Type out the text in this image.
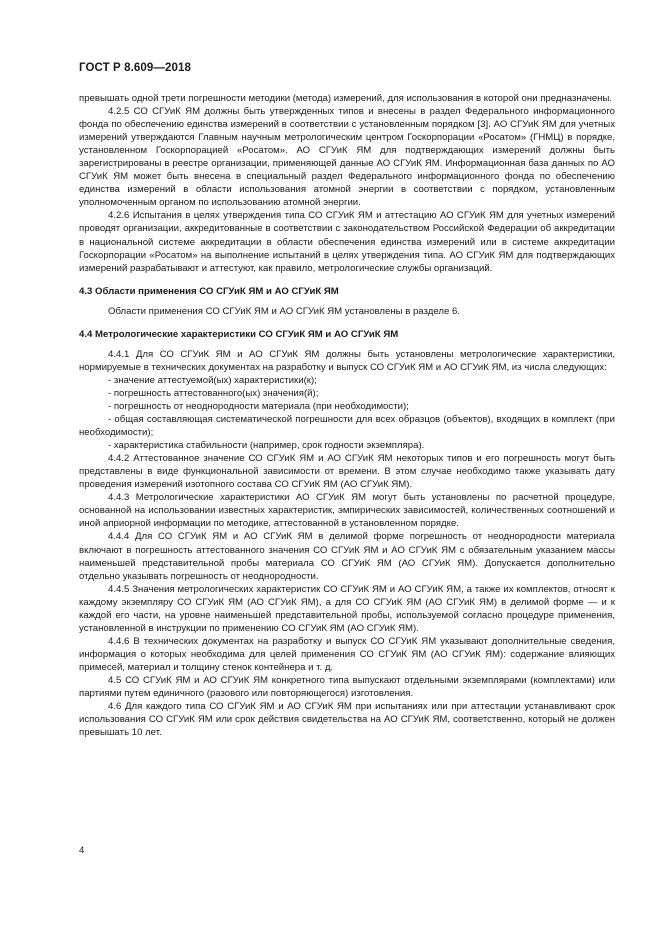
ГОСТ Р 8.609—2018

превышать одной трети погрешности методики (метода) измерений, для использования в которой они предназначены.

4.2.5 СО СГУиК ЯМ должны быть утвержденных типов и внесены в раздел Федерального информационного фонда по обеспечению единства измерений в соответствии с установленным порядком [3]. АО СГУиК ЯМ для учетных измерений утверждаются Главным научным метрологическим центром Госкорпорации «Росатом» (ГНМЦ) в порядке, установленном Госкорпорацией «Росатом». АО СГУиК ЯМ для подтверждающих измерений должны быть зарегистрированы в реестре организации, применяющей данные АО СГУиК ЯМ. Информационная база данных по АО СГУиК ЯМ может быть внесена в специальный раздел Федерального информационного фонда по обеспечению единства измерений в области использования атомной энергии в соответствии с порядком, установленным уполномоченным органом по использованию атомной энергии.

4.2.6 Испытания в целях утверждения типа СО СГУиК ЯМ и аттестацию АО СГУиК ЯМ для учетных измерений проводят организации, аккредитованные в соответствии с законодательством Российской Федерации об аккредитации в национальной системе аккредитации в области обеспечения единства измерений или в системе аккредитации Госкорпорации «Росатом» на выполнение испытаний в целях утверждения типа. АО СГУиК ЯМ для подтверждающих измерений разрабатывают и аттестуют, как правило, метрологические службы организаций.

4.3 Области применения СО СГУиК ЯМ и АО СГУиК ЯМ

Области применения СО СГУиК ЯМ и АО СГУиК ЯМ установлены в разделе 6.

4.4 Метрологические характеристики СО СГУиК ЯМ и АО СГУиК ЯМ

4.4.1 Для СО СГУиК ЯМ и АО СГУиК ЯМ должны быть установлены метрологические характеристики, нормируемые в технических документах на разработку и выпуск СО СГУиК ЯМ и АО СГУиК ЯМ, из числа следующих:

- значение аттестуемой(ых) характеристики(к);

- погрешность аттестованного(ых) значения(й);

- погрешность от неоднородности материала (при необходимости);

- общая составляющая систематической погрешности для всех образцов (объектов), входящих в комплект (при необходимости);

- характеристика стабильности (например, срок годности экземпляра).

4.4.2 Аттестованное значение СО СГУиК ЯМ и АО СГУиК ЯМ некоторых типов и его погрешность могут быть представлены в виде функциональной зависимости от времени. В этом случае необходимо также указывать дату проведения измерений изотопного состава СО СГУиК ЯМ (АО СГУиК ЯМ).

4.4.3 Метрологические характеристики АО СГУиК ЯМ могут быть установлены по расчетной процедуре, основанной на использовании известных характеристик, эмпирических зависимостей, количественных соотношений и иной априорной информации по методике, аттестованной в установленном порядке.

4.4.4 Для СО СГУиК ЯМ и АО СГУиК ЯМ в делимой форме погрешность от неоднородности материала включают в погрешность аттестованного значения СО СГУиК ЯМ и АО СГУиК ЯМ с обязательным указанием массы наименьшей представительной пробы материала СО СГУиК ЯМ (АО СГУиК ЯМ). Допускается дополнительно отдельно указывать погрешность от неоднородности.

4.4.5 Значения метрологических характеристик СО СГУиК ЯМ и АО СГУиК ЯМ, а также их комплектов, относят к каждому экземпляру СО СГУиК ЯМ (АО СГУиК ЯМ), а для СО СГУиК ЯМ (АО СГУиК ЯМ) в делимой форме — и к каждой его части, на уровне наименьшей представительной пробы, используемой согласно процедуре применения, установленной в инструкции по применению СО СГУиК ЯМ (АО СГУиК ЯМ).

4.4.6 В технических документах на разработку и выпуск СО СГУиК ЯМ указывают дополнительные сведения, информация о которых необходима для целей применения СО СГУиК ЯМ (АО СГУиК ЯМ): содержание влияющих примесей, материал и толщину стенок контейнера и т. д.

4.5 СО СГУиК ЯМ и АО СГУиК ЯМ конкретного типа выпускают отдельными экземплярами (комплектами) или партиями путем единичного (разового или повторяющегося) изготовления.

4.6 Для каждого типа СО СГУиК ЯМ и АО СГУиК ЯМ при испытаниях или при аттестации устанавливают срок использования СО СГУиК ЯМ или срок действия свидетельства на АО СГУиК ЯМ, соответственно, который не должен превышать 10 лет.

4
